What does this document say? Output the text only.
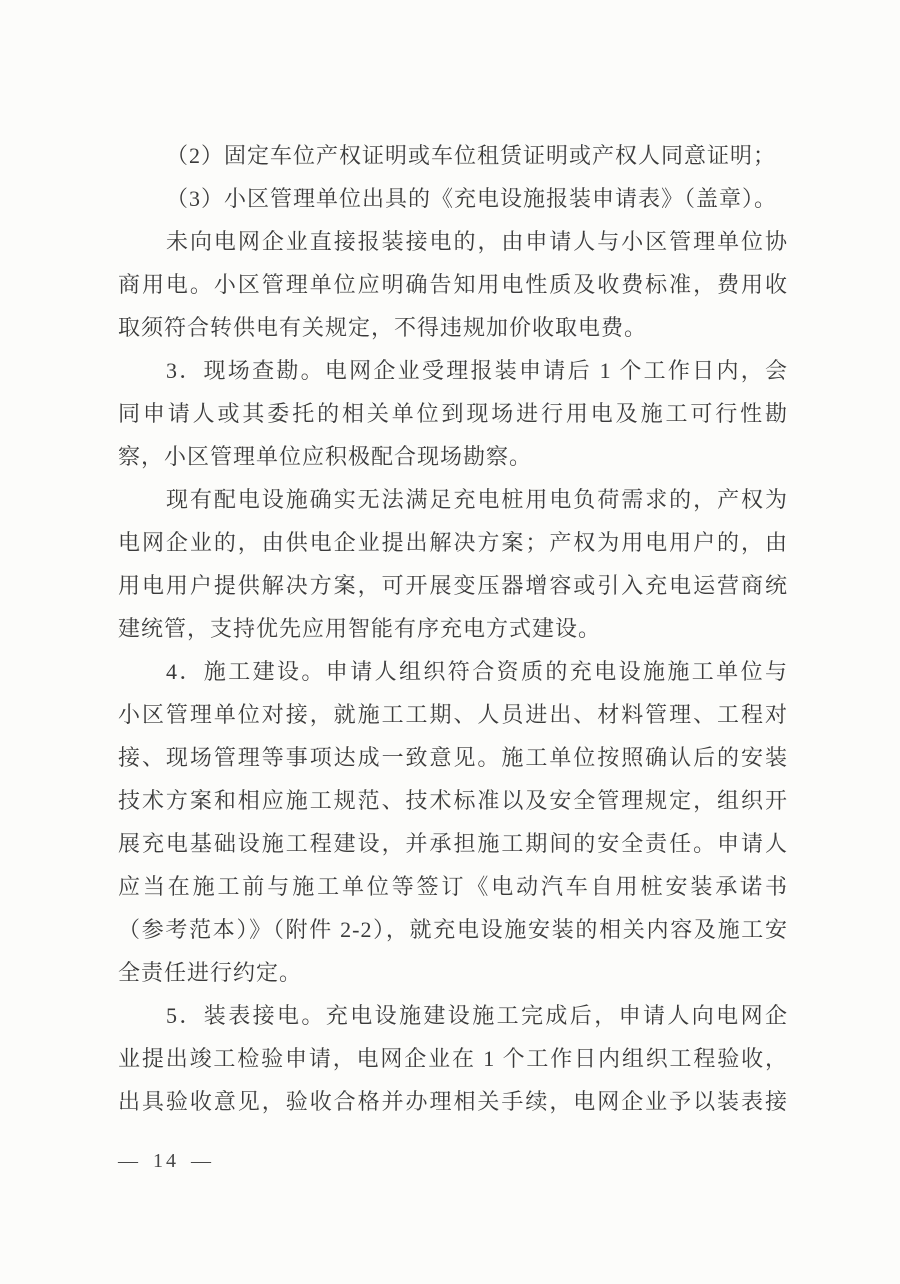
（2）固定车位产权证明或车位租赁证明或产权人同意证明；
（3）小区管理单位出具的《充电设施报装申请表》（盖章）。
未向电网企业直接报装接电的，由申请人与小区管理单位协
商用电。小区管理单位应明确告知用电性质及收费标准，费用收
取须符合转供电有关规定，不得违规加价收取电费。
3．现场查勘。电网企业受理报装申请后 1 个工作日内，会
同申请人或其委托的相关单位到现场进行用电及施工可行性勘
察，小区管理单位应积极配合现场勘察。
现有配电设施确实无法满足充电桩用电负荷需求的，产权为
电网企业的，由供电企业提出解决方案；产权为用电用户的，由
用电用户提供解决方案，可开展变压器增容或引入充电运营商统
建统管，支持优先应用智能有序充电方式建设。
4．施工建设。申请人组织符合资质的充电设施施工单位与
小区管理单位对接，就施工工期、人员进出、材料管理、工程对
接、现场管理等事项达成一致意见。施工单位按照确认后的安装
技术方案和相应施工规范、技术标准以及安全管理规定，组织开
展充电基础设施工程建设，并承担施工期间的安全责任。申请人
应当在施工前与施工单位等签订《电动汽车自用桩安装承诺书
（参考范本）》（附件 2-2），就充电设施安装的相关内容及施工安
全责任进行约定。
5．装表接电。充电设施建设施工完成后，申请人向电网企
业提出竣工检验申请，电网企业在 1 个工作日内组织工程验收，
出具验收意见，验收合格并办理相关手续，电网企业予以装表接
— 14 —
